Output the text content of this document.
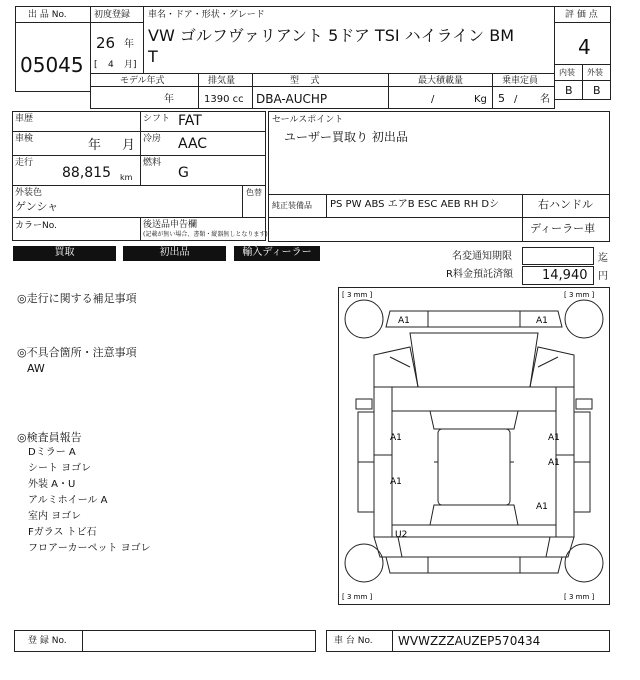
出 品 No.
05045
初度登録
26 年
[ 4 月]
車名・ドア・形状・グレード
VW ゴルフヴァリアント 5ドア TSI ハイライン BM
T
評 価 点
4
内装 外装
B B
モデル年式	排気量	型    式	最大積載量	乗車定員
年	1390 cc DBA-AUCHP	/	Kg 5 / 名
車歴	シフト FAT
車検	年 月 冷房 AAC
走行
88,815 km
燃料
G
外装色
ゲンシャ
色替
カラーNo.	後送品申告欄
(記載が無い場合、書類・縦器無しとなります)
セールスポイント
ユーザー買取り 初出品
純正装備品 PS PW ABS エアB ESC AEB RH Dシ	右ハンドル
ディーラー車
買取	初出品	輸入ディーラー	名変通知期限	迄
R料金預託済額 14,940 円
◎走行に関する補足事項
◎不具合箇所・注意事項
AW
◎検査員報告
Dミラー A
シート ヨゴレ
外装 A・U
アルミホイール A
室内 ヨゴレ
Fガラス トビ石
フロアーカーペット ヨゴレ
[ 3 mm ]	[ 3 mm ]
[ 3 mm ]	[ 3 mm ]
A1	A1
A1	A1
A1
A1
A1
U2
登 録 No.	車 台 No. WVWZZZAUZEP570434
